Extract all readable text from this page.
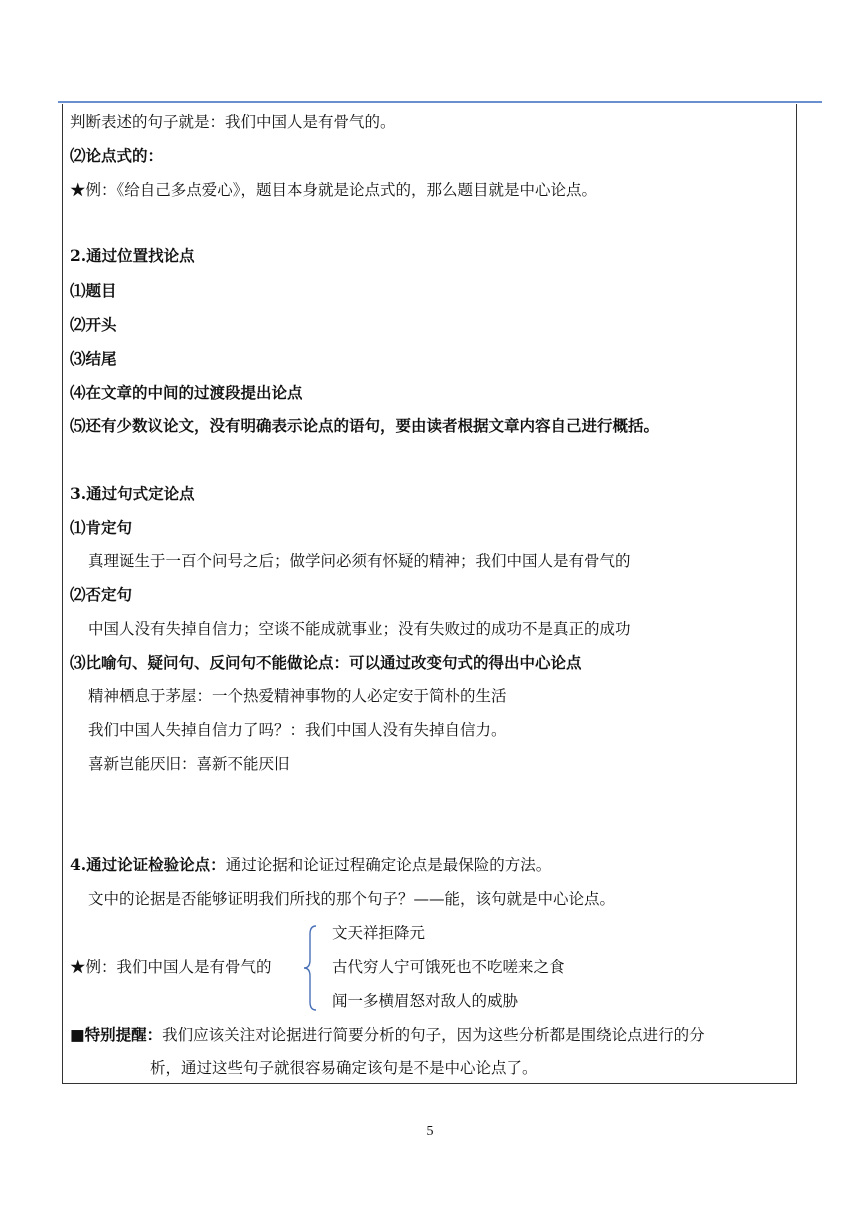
判断表述的句子就是：我们中国人是有骨气的。
⑵论点式的：
★例：《给自己多点爱心》，题目本身就是论点式的，那么题目就是中心论点。
2.通过位置找论点
⑴题目
⑵开头
⑶结尾
⑷在文章的中间的过渡段提出论点
⑸还有少数议论文，没有明确表示论点的语句，要由读者根据文章内容自己进行概括。
3.通过句式定论点
⑴肯定句
真理诞生于一百个问号之后；做学问必须有怀疑的精神；我们中国人是有骨气的
⑵否定句
中国人没有失掉自信力；空谈不能成就事业；没有失败过的成功不是真正的成功
⑶比喻句、疑问句、反问句不能做论点：可以通过改变句式的得出中心论点
精神栖息于茅屋：一个热爱精神事物的人必定安于简朴的生活
我们中国人失掉自信力了吗？：我们中国人没有失掉自信力。
喜新岂能厌旧：喜新不能厌旧
4.通过论证检验论点：通过论据和论证过程确定论点是最保险的方法。
文中的论据是否能够证明我们所找的那个句子？——能，该句就是中心论点。
★例：我们中国人是有骨气的
文天祥拒降元
古代穷人宁可饿死也不吃嗟来之食
闻一多横眉怒对敌人的威胁
■特别提醒：我们应该关注对论据进行简要分析的句子，因为这些分析都是围绕论点进行的分
析，通过这些句子就很容易确定该句是不是中心论点了。
5
